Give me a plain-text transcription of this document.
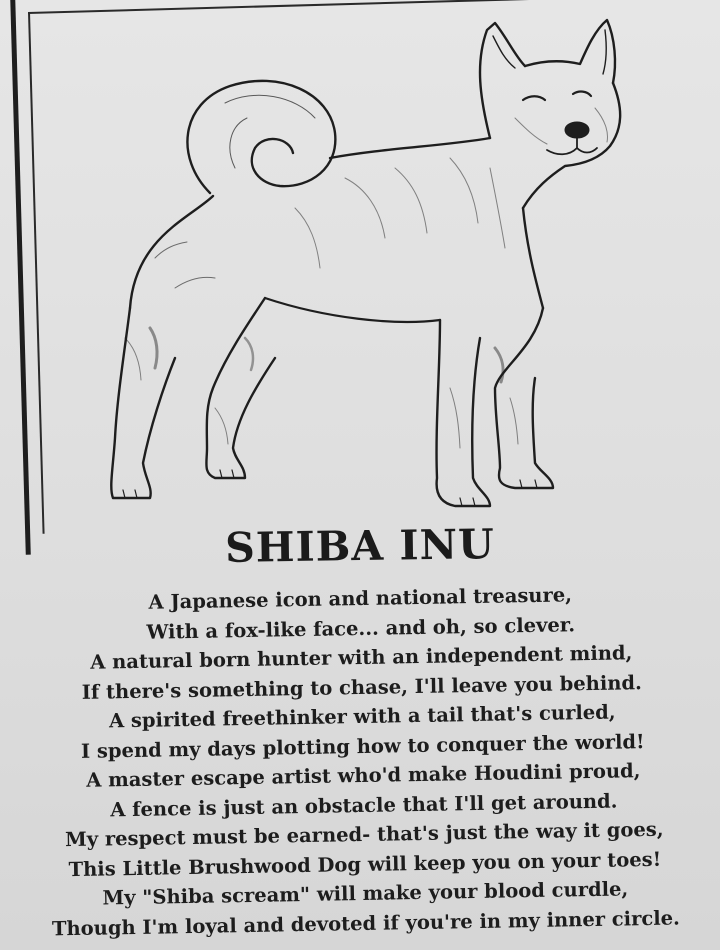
SHIBA INU
A Japanese icon and national treasure,
With a fox-like face... and oh, so clever.
A natural born hunter with an independent mind,
If there's something to chase, I'll leave you behind.
A spirited freethinker with a tail that's curled,
I spend my days plotting how to conquer the world!
A master escape artist who'd make Houdini proud,
A fence is just an obstacle that I'll get around.
My respect must be earned- that's just the way it goes,
This Little Brushwood Dog will keep you on your toes!
My "Shiba scream" will make your blood curdle,
Though I'm loyal and devoted if you're in my inner circle.
